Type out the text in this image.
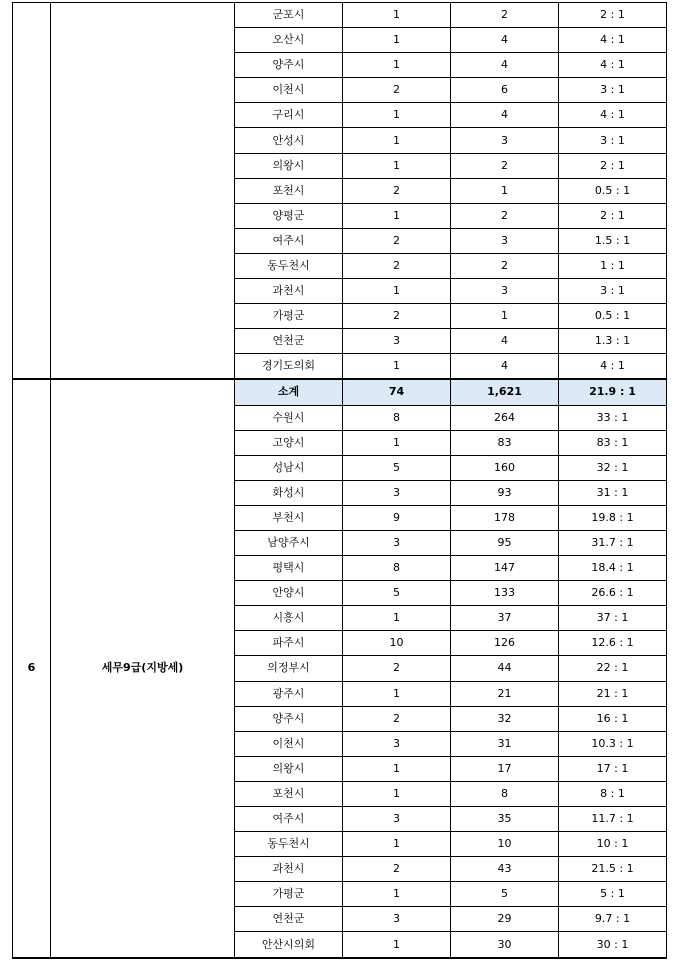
		군포시	1	2	2 : 1
		오산시	1	4	4 : 1
		양주시	1	4	4 : 1
		이천시	2	6	3 : 1
		구리시	1	4	4 : 1
		안성시	1	3	3 : 1
		의왕시	1	2	2 : 1
		포천시	2	1	0.5 : 1
		양평군	1	2	2 : 1
		여주시	2	3	1.5 : 1
		동두천시	2	2	1 : 1
		과천시	1	3	3 : 1
		가평군	2	1	0.5 : 1
		연천군	3	4	1.3 : 1
		경기도의회	1	4	4 : 1
6	세무9급(지방세)	소계	74	1,621	21.9 : 1
		수원시	8	264	33 : 1
		고양시	1	83	83 : 1
		성남시	5	160	32 : 1
		화성시	3	93	31 : 1
		부천시	9	178	19.8 : 1
		남양주시	3	95	31.7 : 1
		평택시	8	147	18.4 : 1
		안양시	5	133	26.6 : 1
		시흥시	1	37	37 : 1
		파주시	10	126	12.6 : 1
		의정부시	2	44	22 : 1
		광주시	1	21	21 : 1
		양주시	2	32	16 : 1
		이천시	3	31	10.3 : 1
		의왕시	1	17	17 : 1
		포천시	1	8	8 : 1
		여주시	3	35	11.7 : 1
		동두천시	1	10	10 : 1
		과천시	2	43	21.5 : 1
		가평군	1	5	5 : 1
		연천군	3	29	9.7 : 1
		안산시의회	1	30	30 : 1
